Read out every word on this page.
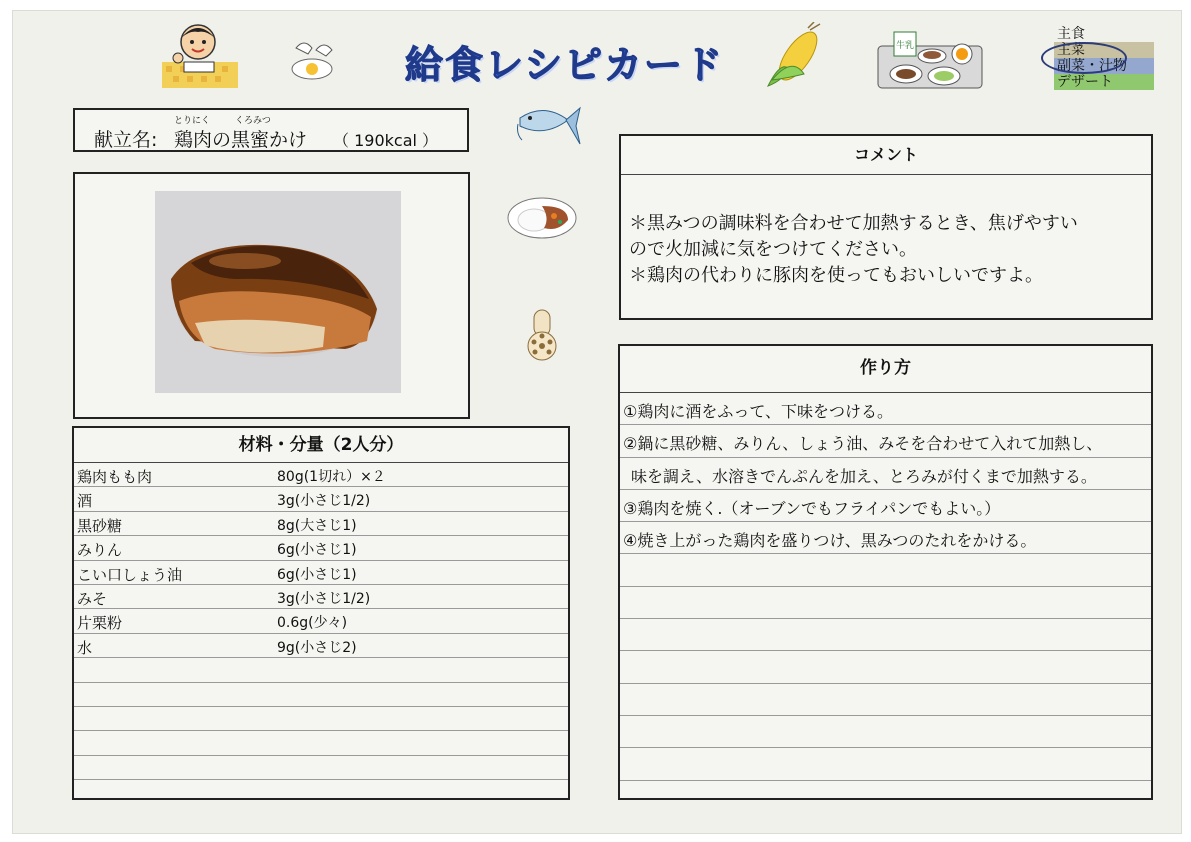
牛乳
給食レシピカード
主食
主菜
副菜・汁物
デザート
献立名: 鶏肉の黒蜜かけ
とりにく	くろみつ
（ 190kcal ）
材料・分量（2人分）
鶏肉もも肉	80g(1切れ）×２
酒	3g(小さじ1/2)
黒砂糖	8g(大さじ1)
みりん	6g(小さじ1)
こい口しょう油	6g(小さじ1)
みそ	3g(小さじ1/2)
片栗粉	0.6g(少々)
水	9g(小さじ2)
コメント
＊黒みつの調味料を合わせて加熱するとき、焦げやすい
ので火加減に気をつけてください。
＊鶏肉の代わりに豚肉を使ってもおいしいですよ。
作り方
①鶏肉に酒をふって、下味をつける。
②鍋に黒砂糖、みりん、しょう油、みそを合わせて入れて加熱し、
味を調え、水溶きでんぷんを加え、とろみが付くまで加熱する。
③鶏肉を焼く.（オーブンでもフライパンでもよい。）
④焼き上がった鶏肉を盛りつけ、黒みつのたれをかける。
